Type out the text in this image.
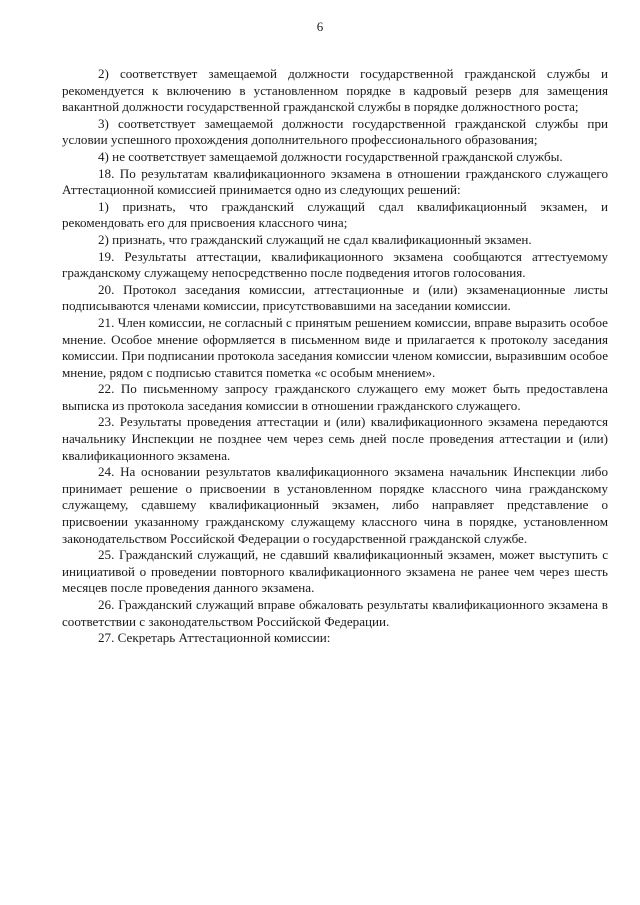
6

2) соответствует замещаемой должности государственной гражданской службы и рекомендуется к включению в установленном порядке в кадровый резерв для замещения вакантной должности государственной гражданской службы в порядке должностного роста;

3) соответствует замещаемой должности государственной гражданской службы при условии успешного прохождения дополнительного профессионального образования;

4) не соответствует замещаемой должности государственной гражданской службы.

18. По результатам квалификационного экзамена в отношении гражданского служащего Аттестационной комиссией принимается одно из следующих решений:

1) признать, что гражданский служащий сдал квалификационный экзамен, и рекомендовать его для присвоения классного чина;

2) признать, что гражданский служащий не сдал квалификационный экзамен.

19. Результаты аттестации, квалификационного экзамена сообщаются аттестуемому гражданскому служащему непосредственно после подведения итогов голосования.

20. Протокол заседания комиссии, аттестационные и (или) экзаменационные листы подписываются членами комиссии, присутствовавшими на заседании комиссии.

21. Член комиссии, не согласный с принятым решением комиссии, вправе выразить особое мнение. Особое мнение оформляется в письменном виде и прилагается к протоколу заседания комиссии. При подписании протокола заседания комиссии членом комиссии, выразившим особое мнение, рядом с подписью ставится пометка «с особым мнением».

22. По письменному запросу гражданского служащего ему может быть предоставлена выписка из протокола заседания комиссии в отношении гражданского служащего.

23. Результаты проведения аттестации и (или) квалификационного экзамена передаются начальнику Инспекции не позднее чем через семь дней после проведения аттестации и (или) квалификационного экзамена.

24. На основании результатов квалификационного экзамена начальник Инспекции либо принимает решение о присвоении в установленном порядке классного чина гражданскому служащему, сдавшему квалификационный экзамен, либо направляет представление о присвоении указанному гражданскому служащему классного чина в порядке, установленном законодательством Российской Федерации о государственной гражданской службе.

25. Гражданский служащий, не сдавший квалификационный экзамен, может выступить с инициативой о проведении повторного квалификационного экзамена не ранее чем через шесть месяцев после проведения данного экзамена.

26. Гражданский служащий вправе обжаловать результаты квалификационного экзамена в соответствии с законодательством Российской Федерации.

27. Секретарь Аттестационной комиссии:
